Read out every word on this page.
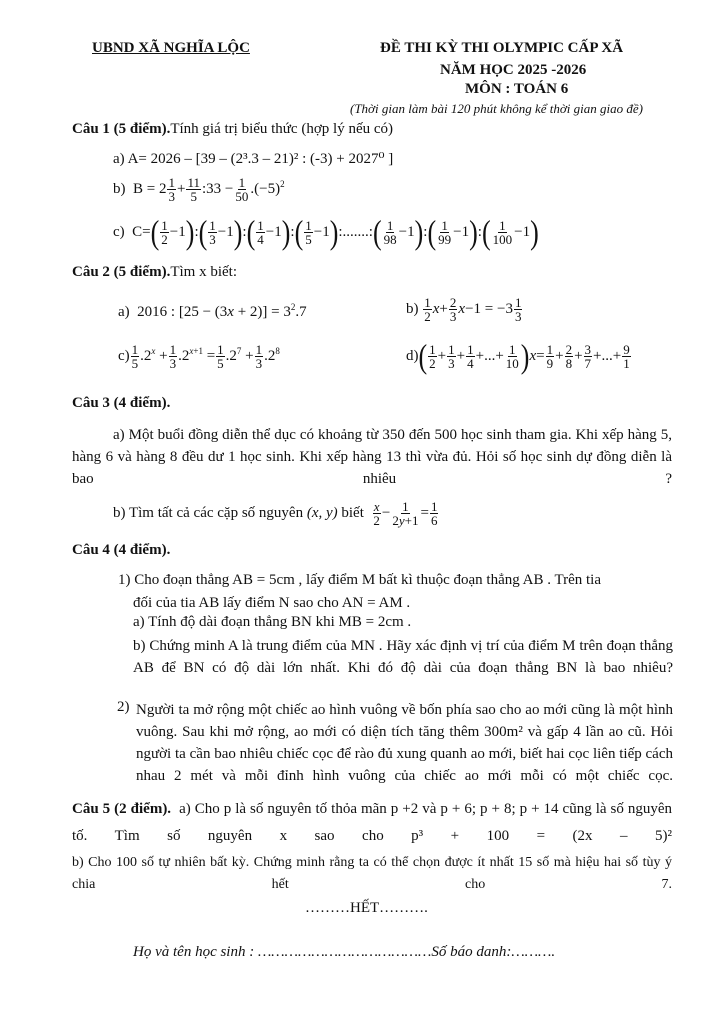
UBND XÃ NGHĨA LỘC	ĐỀ THI KỲ THI OLYMPIC CẤP XÃ
NĂM HỌC 2025 -2026
MÔN : TOÁN 6
(Thời gian làm bài 120 phút không kể thời gian giao đề)
Câu 1 (5 điểm).Tính giá trị biểu thức (hợp lý nếu có)
a) A= 2026 – [39 – (2³.3 – 21)² : (-3) + 2027⁰ ]
b)  $B = 2 \frac{1}{3} + \frac{11}{5}$ :33 − $\frac{1}{50} .(-5)^2$
c)  $C=( \frac{1}{2}$ −1):( $\frac{1}{3}$ −1):( $\frac{1}{4}$ −1):( $\frac{1}{5}$ −1):.......:( $\frac{1}{98}$ −1):( $\frac{1}{99}$ −1):( $\frac{1}{100} -1$)
Câu 2 (5 điểm).Tìm x biết:
a)  2016 : $[25 - (3x + 2)] = 3^2.7$	$b) \frac{1}{2} x+ \frac{2}{3} x-1 = -3 \frac{1}{3}$
$c) \frac{1}{5} .2^x + \frac{1}{3} .2^{x+1} = \frac{1}{5} .2^7 + \frac{1}{3} .2^8$	$d)( \frac{1}{2} + \frac{1}{3} + \frac{1}{4}$ +...+ $\frac{1}{10} )x= \frac{1}{9} + \frac{2}{8} + \frac{3}{7}$ +...+ $\frac{9}{1}$
Câu 3 (4 điểm).
a) Một buổi đồng diễn thể dục có khoảng từ 350 đến 500 học sinh tham gia. Khi xếp hàng 5, hàng 6 và hàng 8 đều dư 1 học sinh. Khi xếp hàng 13 thì vừa đủ. Hỏi số học sinh dự đồng diễn là bao nhiêu ?
b) Tìm tất cả các cặp số nguyên (x, y) biết $\frac{x}{2} - \frac{1}{2y+1} = \frac{1}{6}$
Câu 4 (4 điểm).
1) Cho đoạn thẳng AB = 5cm , lấy điểm M bất kì thuộc đoạn thẳng AB . Trên tia
đối của tia AB lấy điểm N sao cho AN = AM .
a) Tính độ dài đoạn thẳng BN khi MB = 2cm .
b) Chứng minh A là trung điểm của MN . Hãy xác định vị trí của điểm M trên đoạn thẳng AB để BN có độ dài lớn nhất. Khi đó độ dài của đoạn thẳng BN là bao nhiêu?
2) Người ta mở rộng một chiếc ao hình vuông về bốn phía sao cho ao mới cũng là một hình vuông. Sau khi mở rộng, ao mới có diện tích tăng thêm 300m² và gấp 4 lần ao cũ. Hỏi người ta cần bao nhiêu chiếc cọc để rào đủ xung quanh ao mới, biết hai cọc liên tiếp cách nhau 2 mét và mỗi đỉnh hình vuông của chiếc ao mới mỗi có một chiếc cọc.
Câu 5 (2 điểm). a) Cho p là số nguyên tố thỏa mãn p +2 và p + 6; p + 8; p + 14 cũng là số nguyên tố. Tìm số nguyên x sao cho p³ + 100 = (2x – 5)²
b) Cho 100 số tự nhiên bất kỳ. Chứng minh rằng ta có thể chọn được ít nhất 15 số mà hiệu hai số tùy ý chia hết cho 7.
………HẾT……….
Họ và tên học sinh : …………………………………Số báo danh:……….
